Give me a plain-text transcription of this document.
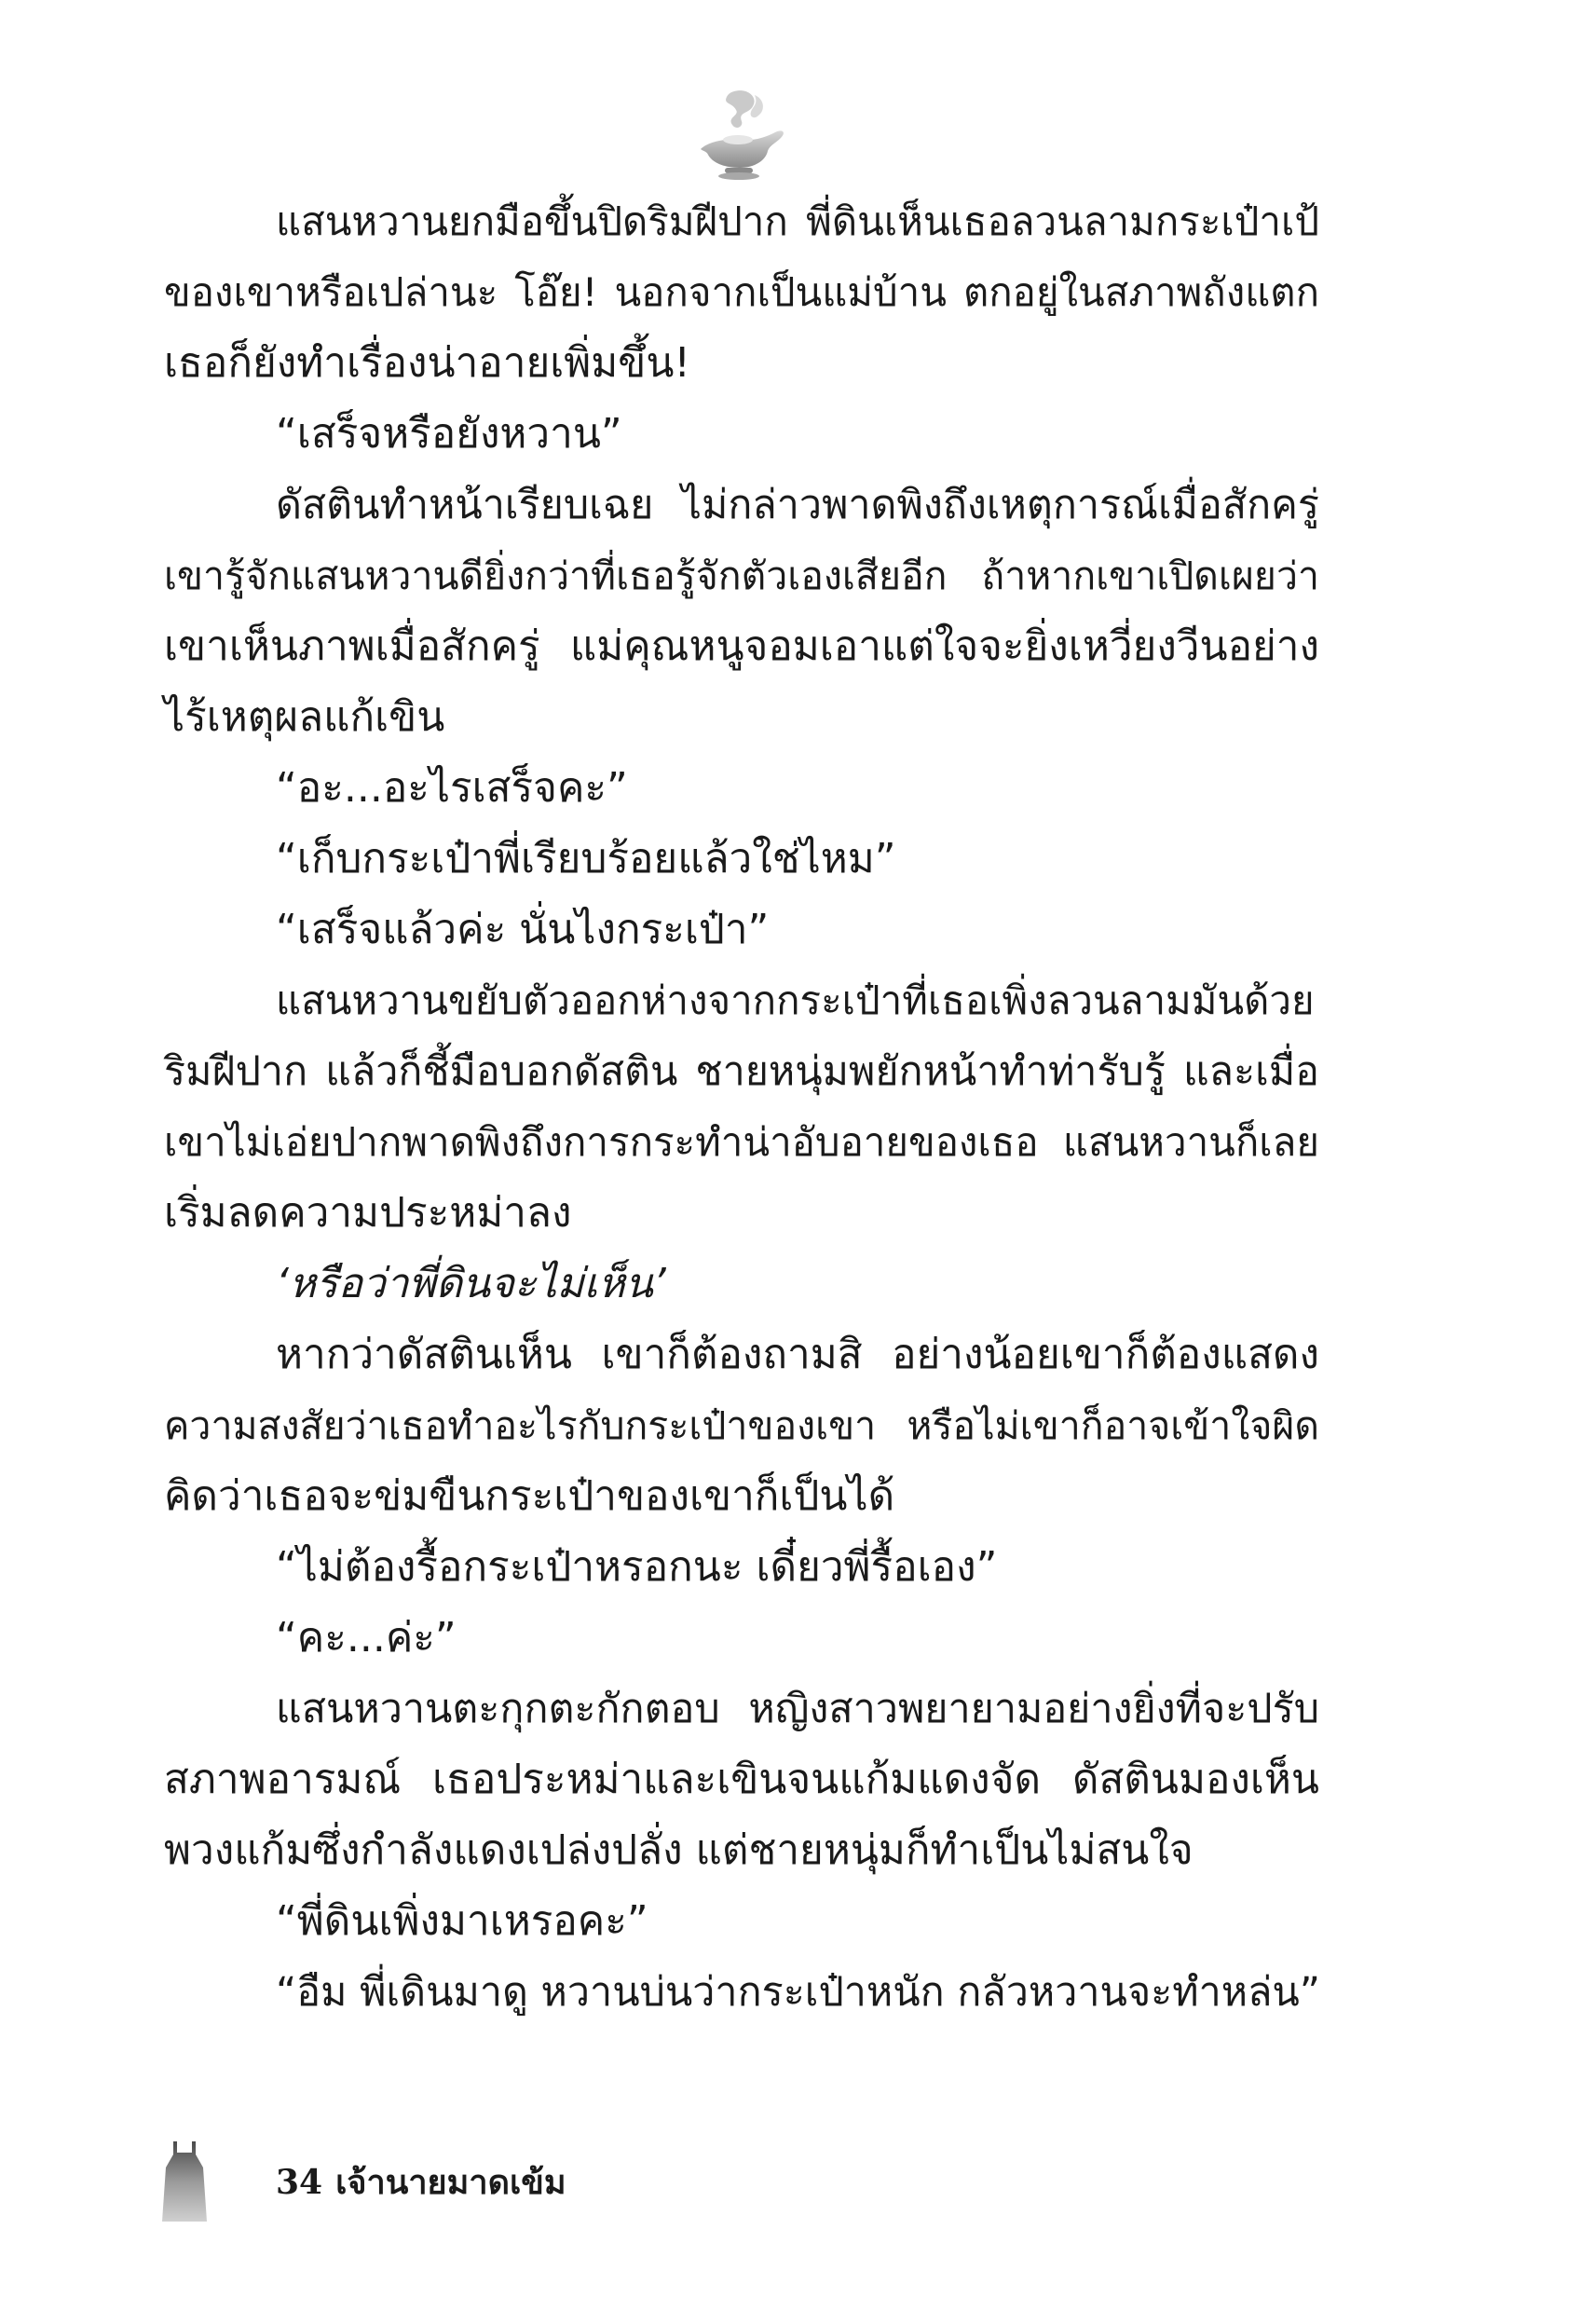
แสนหวานยกมือขึ้นปิดริมฝีปาก พี่ดินเห็นเธอลวนลามกระเป๋าเป้
ของเขาหรือเปล่านะ โอ๊ย! นอกจากเป็นแม่บ้าน ตกอยู่ในสภาพถังแตก
เธอก็ยังทำเรื่องน่าอายเพิ่มขึ้น!
“เสร็จหรือยังหวาน”
ดัสตินทำหน้าเรียบเฉย ไม่กล่าวพาดพิงถึงเหตุการณ์เมื่อสักครู่
เขารู้จักแสนหวานดียิ่งกว่าที่เธอรู้จักตัวเองเสียอีก ถ้าหากเขาเปิดเผยว่า
เขาเห็นภาพเมื่อสักครู่ แม่คุณหนูจอมเอาแต่ใจจะยิ่งเหวี่ยงวีนอย่าง
ไร้เหตุผลแก้เขิน
“อะ...อะไรเสร็จคะ”
“เก็บกระเป๋าพี่เรียบร้อยแล้วใช่ไหม”
“เสร็จแล้วค่ะ นั่นไงกระเป๋า”
แสนหวานขยับตัวออกห่างจากกระเป๋าที่เธอเพิ่งลวนลามมันด้วย
ริมฝีปาก แล้วก็ชี้มือบอกดัสติน ชายหนุ่มพยักหน้าทำท่ารับรู้ และเมื่อ
เขาไม่เอ่ยปากพาดพิงถึงการกระทำน่าอับอายของเธอ แสนหวานก็เลย
เริ่มลดความประหม่าลง
‘หรือว่าพี่ดินจะไม่เห็น’
หากว่าดัสตินเห็น เขาก็ต้องถามสิ อย่างน้อยเขาก็ต้องแสดง
ความสงสัยว่าเธอทำอะไรกับกระเป๋าของเขา หรือไม่เขาก็อาจเข้าใจผิด
คิดว่าเธอจะข่มขืนกระเป๋าของเขาก็เป็นได้
“ไม่ต้องรื้อกระเป๋าหรอกนะ เดี๋ยวพี่รื้อเอง”
“คะ...ค่ะ”
แสนหวานตะกุกตะกักตอบ หญิงสาวพยายามอย่างยิ่งที่จะปรับ
สภาพอารมณ์ เธอประหม่าและเขินจนแก้มแดงจัด ดัสตินมองเห็น
พวงแก้มซึ่งกำลังแดงเปล่งปลั่ง แต่ชายหนุ่มก็ทำเป็นไม่สนใจ
“พี่ดินเพิ่งมาเหรอคะ”
“อืม พี่เดินมาดู หวานบ่นว่ากระเป๋าหนัก กลัวหวานจะทำหล่น”
34 เจ้านายมาดเข้ม
